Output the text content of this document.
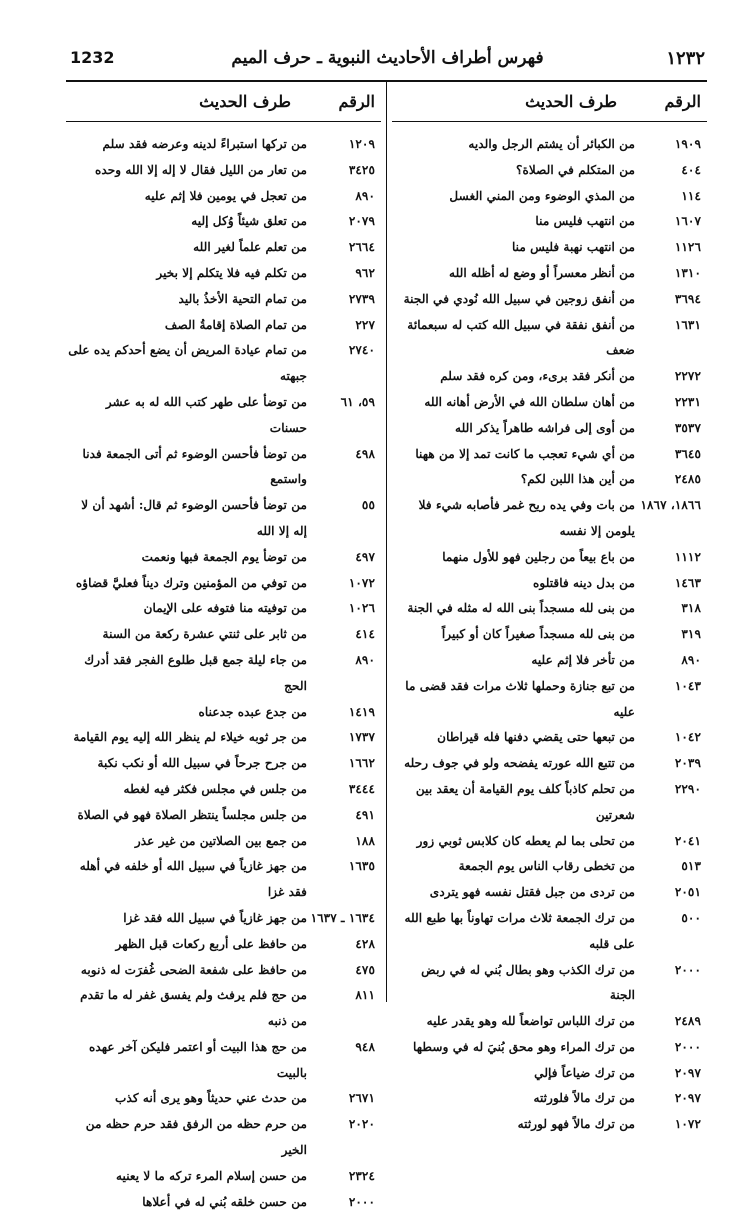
1232	فهرس أطراف الأحاديث النبوية ـ حرف الميم	١٢٣٢
الرقم
طرف الحديث
١٩٠٩
من الكبائر أن يشتم الرجل والديه
٤٠٤
من المتكلم في الصلاة؟
١١٤
من المذي الوضوء ومن المني الغسل
١٦٠٧
من انتهب فليس منا
١١٢٦
من انتهب نهبة فليس منا
١٣١٠
من أنظر معسراً أو وضع له أظله الله
٣٦٩٤
من أنفق زوجين في سبيل الله نُودي في الجنة
١٦٣١
من أنفق نفقة في سبيل الله كتب له سبعمائة ضعف
٢٢٧٢
من أنكر فقد برىء، ومن كره فقد سلم
٢٢٣١
من أهان سلطان الله في الأرض أهانه الله
٣٥٣٧
من أوى إلى فراشه طاهراً يذكر الله
٣٦٤٥
من أي شيء تعجب ما كانت تمد إلا من ههنا
٢٤٨٥
من أين هذا اللبن لكم؟
١٨٦٦، ١٨٦٧
من بات وفي يده ريح غمر فأصابه شيء فلا يلومن إلا نفسه
١١١٢
من باع بيعاً من رجلين فهو للأول منهما
١٤٦٣
من بدل دينه فاقتلوه
٣١٨
من بنى لله مسجداً بنى الله له مثله في الجنة
٣١٩
من بنى لله مسجداً صغيراً كان أو كبيراً
٨٩٠
من تأخر فلا إثم عليه
١٠٤٣
من تبع جنازة وحملها ثلاث مرات فقد قضى ما عليه
١٠٤٢
من تبعها حتى يقضي دفنها فله قيراطان
٢٠٣٩
من تتبع الله عورته يفضحه ولو في جوف رحله
٢٢٩٠
من تحلم كاذباً كلف يوم القيامة أن يعقد بين شعرتين
٢٠٤١
من تحلى بما لم يعطه كان كلابس ثوبي زور
٥١٣
من تخطى رقاب الناس يوم الجمعة
٢٠٥١
من تردى من جبل فقتل نفسه فهو يتردى
٥٠٠
من ترك الجمعة ثلاث مرات تهاوناً بها طبع الله على قلبه
٢٠٠٠
من ترك الكذب وهو بطال بُني له في ربض الجنة
٢٤٨٩
من ترك اللباس تواضعاً لله وهو يقدر عليه
٢٠٠٠
من ترك المراء وهو محق بُنيَ له في وسطها
٢٠٩٧
من ترك ضياعاً فإلي
٢٠٩٧
من ترك مالاً فلورثته
١٠٧٢
من ترك مالاً فهو لورثته
الرقم
طرف الحديث
١٢٠٩
من تركها استبراءً لدينه وعرضه فقد سلم
٣٤٢٥
من تعار من الليل فقال لا إله إلا الله وحده
٨٩٠
من تعجل في يومين فلا إثم عليه
٢٠٧٩
من تعلق شيئاً وُكل إليه
٢٦٦٤
من تعلم علماً لغير الله
٩٦٢
من تكلم فيه فلا يتكلم إلا بخير
٢٧٣٩
من تمام التحية الأخذُ باليد
٢٢٧
من تمام الصلاة إقامةُ الصف
٢٧٤٠
من تمام عيادة المريض أن يضع أحدكم يده على جبهته
٥٩، ٦١
من توضأ على طهر كتب الله له به عشر حسنات
٤٩٨
من توضأ فأحسن الوضوء ثم أتى الجمعة فدنا واستمع
٥٥
من توضأ فأحسن الوضوء ثم قال: أشهد أن لا إله إلا الله
٤٩٧
من توضأ يوم الجمعة فبها ونعمت
١٠٧٢
من توفي من المؤمنين وترك ديناً فعليَّ قضاؤه
١٠٢٦
من توفيته منا فتوفه على الإيمان
٤١٤
من ثابر على ثنتي عشرة ركعة من السنة
٨٩٠
من جاء ليلة جمع قبل طلوع الفجر فقد أدرك الحج
١٤١٩
من جدع عبده جدعناه
١٧٣٧
من جر ثوبه خيلاء لم ينظر الله إليه يوم القيامة
١٦٦٢
من جرح جرحاً في سبيل الله أو نكب نكبة
٣٤٤٤
من جلس في مجلس فكثر فيه لغطه
٤٩١
من جلس مجلساً ينتظر الصلاة فهو في الصلاة
١٨٨
من جمع بين الصلاتين من غير عذر
١٦٣٥
من جهز غازياً في سبيل الله أو خلفه في أهله فقد غزا
١٦٣٤ ـ ١٦٣٧
من جهز غازياً في سبيل الله فقد غزا
٤٢٨
من حافظ على أربع ركعات قبل الظهر
٤٧٥
من حافظ على شفعة الضحى غُفرَت له ذنوبه
٨١١
من حج فلم يرفث ولم يفسق غفر له ما تقدم من ذنبه
٩٤٨
من حج هذا البيت أو اعتمر فليكن آخر عهده بالبيت
٢٦٧١
من حدث عني حديثاً وهو يرى أنه كذب
٢٠٢٠
من حرم حظه من الرفق فقد حرم حظه من الخير
٢٣٢٤
من حسن إسلام المرء تركه ما لا يعنيه
٢٠٠٠
من حسن خلقه بُني له في أعلاها
